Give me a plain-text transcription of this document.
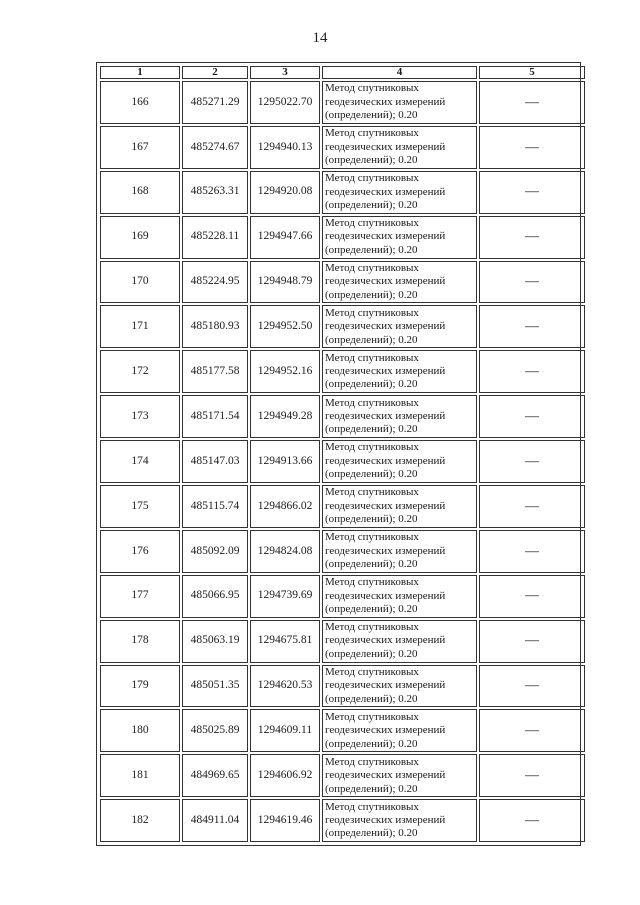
14
1	2	3	4	5
166	485271.29	1295022.70	Метод спутниковых
геодезических измерений
(определений); 0.20	—
167	485274.67	1294940.13	Метод спутниковых
геодезических измерений
(определений); 0.20	—
168	485263.31	1294920.08	Метод спутниковых
геодезических измерений
(определений); 0.20	—
169	485228.11	1294947.66	Метод спутниковых
геодезических измерений
(определений); 0.20	—
170	485224.95	1294948.79	Метод спутниковых
геодезических измерений
(определений); 0.20	—
171	485180.93	1294952.50	Метод спутниковых
геодезических измерений
(определений); 0.20	—
172	485177.58	1294952.16	Метод спутниковых
геодезических измерений
(определений); 0.20	—
173	485171.54	1294949.28	Метод спутниковых
геодезических измерений
(определений); 0.20	—
174	485147.03	1294913.66	Метод спутниковых
геодезических измерений
(определений); 0.20	—
175	485115.74	1294866.02	Метод спутниковых
геодезических измерений
(определений); 0.20	—
176	485092.09	1294824.08	Метод спутниковых
геодезических измерений
(определений); 0.20	—
177	485066.95	1294739.69	Метод спутниковых
геодезических измерений
(определений); 0.20	—
178	485063.19	1294675.81	Метод спутниковых
геодезических измерений
(определений); 0.20	—
179	485051.35	1294620.53	Метод спутниковых
геодезических измерений
(определений); 0.20	—
180	485025.89	1294609.11	Метод спутниковых
геодезических измерений
(определений); 0.20	—
181	484969.65	1294606.92	Метод спутниковых
геодезических измерений
(определений); 0.20	—
182	484911.04	1294619.46	Метод спутниковых
геодезических измерений
(определений); 0.20	—
